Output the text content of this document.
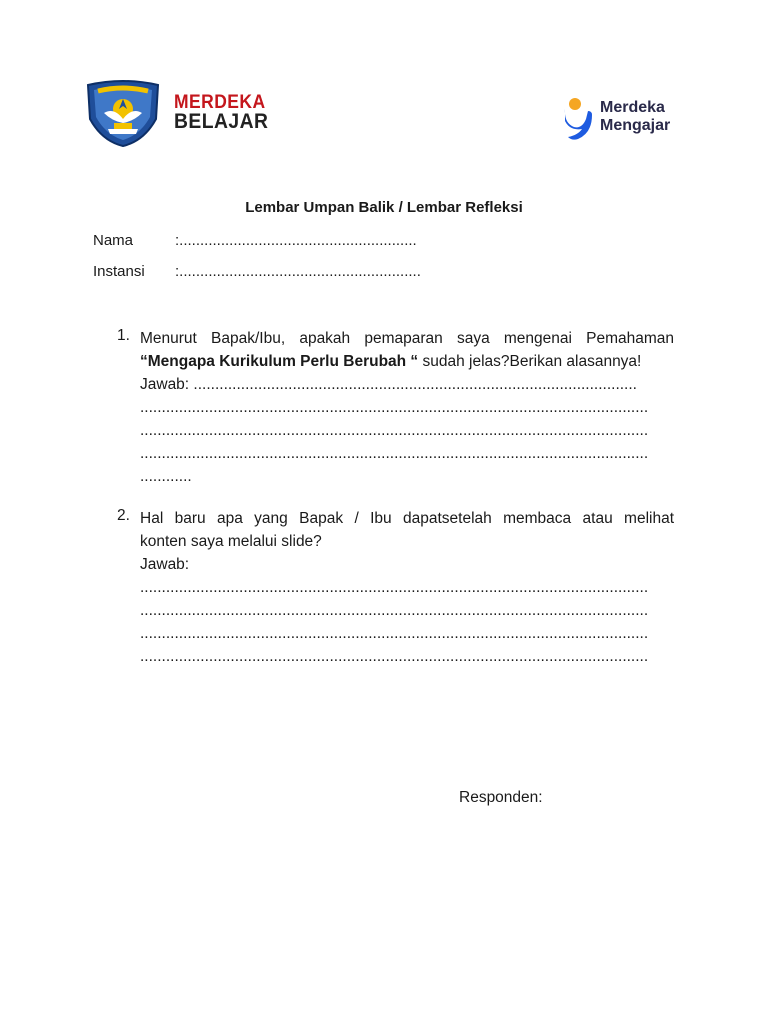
MERDEKA
BELAJAR
Merdeka
Mengajar
Lembar Umpan Balik / Lembar Refleksi
Nama	:.........................................................
Instansi :..........................................................
1. Menurut Bapak/Ibu, apakah pemaparan saya mengenai Pemahaman
“Mengapa Kurikulum Perlu Berubah “ sudah jelas?Berikan alasannya!
Jawab: .......................................................................................................
......................................................................................................................
......................................................................................................................
......................................................................................................................
............
2. Hal baru apa yang Bapak / Ibu dapatsetelah membaca atau melihat
konten saya melalui slide?
Jawab:
......................................................................................................................
......................................................................................................................
......................................................................................................................
......................................................................................................................
Responden:
